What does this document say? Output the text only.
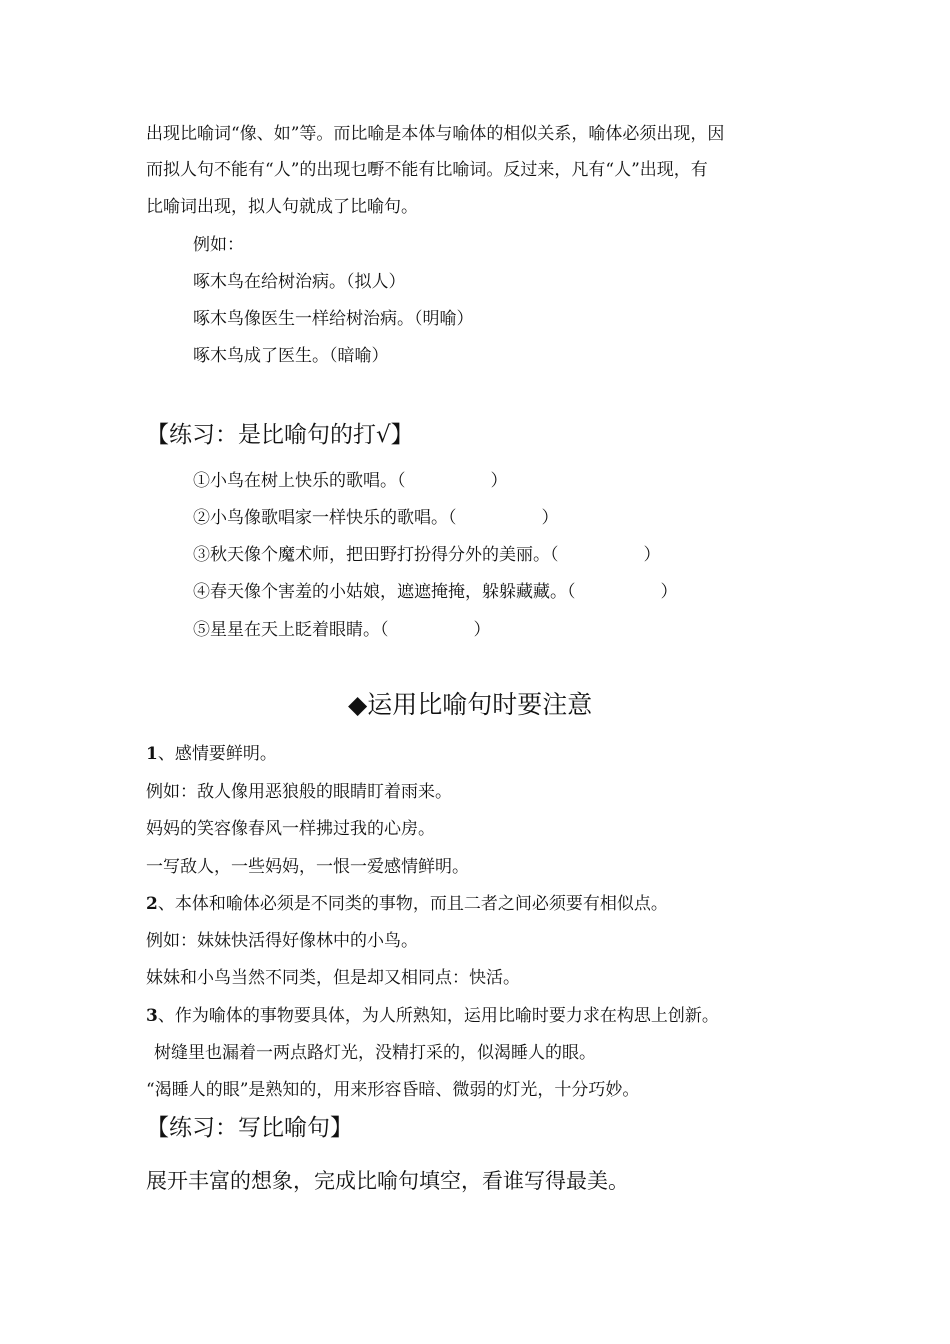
出现比喻词“像、如”等。而比喻是本体与喻体的相似关系，喻体必须出现，因
而拟人句不能有“人”的出现乜嘢不能有比喻词。反过来，凡有“人”出现，有
比喻词出现，拟人句就成了比喻句。
例如：
啄木鸟在给树治病。（拟人）
啄木鸟像医生一样给树治病。（明喻）
啄木鸟成了医生。（暗喻）
【练习：是比喻句的打√】
①小鸟在树上快乐的歌唱。（　　　　　）
②小鸟像歌唱家一样快乐的歌唱。（　　　　　）
③秋天像个魔术师，把田野打扮得分外的美丽。（　　　　　）
④春天像个害羞的小姑娘，遮遮掩掩，躲躲藏藏。（　　　　　）
⑤星星在天上眨着眼睛。（　　　　　）
◆运用比喻句时要注意
1、感情要鲜明。
例如：敌人像用恶狼般的眼睛盯着雨来。
妈妈的笑容像春风一样拂过我的心房。
一写敌人，一些妈妈，一恨一爱感情鲜明。
2、本体和喻体必须是不同类的事物，而且二者之间必须要有相似点。
例如：妹妹快活得好像林中的小鸟。
妹妹和小鸟当然不同类，但是却又相同点：快活。
3、作为喻体的事物要具体，为人所熟知，运用比喻时要力求在构思上创新。
树缝里也漏着一两点路灯光，没精打采的，似渴睡人的眼。
“渴睡人的眼”是熟知的，用来形容昏暗、微弱的灯光，十分巧妙。
【练习：写比喻句】
展开丰富的想象，完成比喻句填空，看谁写得最美。
